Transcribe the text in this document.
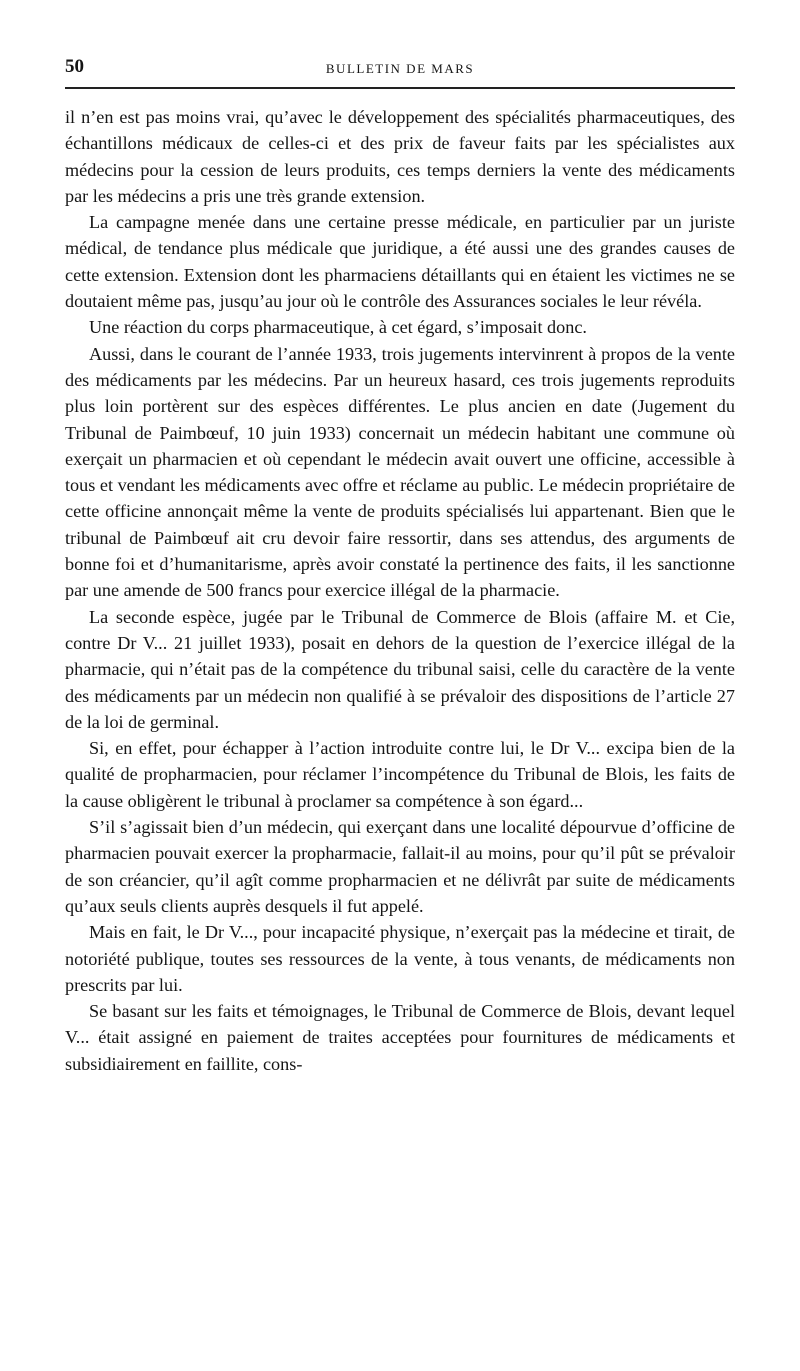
50	BULLETIN DE MARS

il n’en est pas moins vrai, qu’avec le développement des spécialités pharmaceutiques, des échantillons médicaux de celles-ci et des prix de faveur faits par les spécialistes aux médecins pour la cession de leurs produits, ces temps derniers la vente des médicaments par les médecins a pris une très grande extension.

La campagne menée dans une certaine presse médicale, en particulier par un juriste médical, de tendance plus médicale que juridique, a été aussi une des grandes causes de cette extension. Extension dont les pharmaciens détaillants qui en étaient les victimes ne se doutaient même pas, jusqu’au jour où le contrôle des Assurances sociales le leur révéla.

Une réaction du corps pharmaceutique, à cet égard, s’imposait donc.

Aussi, dans le courant de l’année 1933, trois jugements intervinrent à propos de la vente des médicaments par les médecins. Par un heureux hasard, ces trois jugements reproduits plus loin portèrent sur des espèces différentes. Le plus ancien en date (Jugement du Tribunal de Paimbœuf, 10 juin 1933) concernait un médecin habitant une commune où exerçait un pharmacien et où cependant le médecin avait ouvert une officine, accessible à tous et vendant les médicaments avec offre et réclame au public. Le médecin propriétaire de cette officine annonçait même la vente de produits spécialisés lui appartenant. Bien que le tribunal de Paimbœuf ait cru devoir faire ressortir, dans ses attendus, des arguments de bonne foi et d’humanitarisme, après avoir constaté la pertinence des faits, il les sanctionne par une amende de 500 francs pour exercice illégal de la pharmacie.

La seconde espèce, jugée par le Tribunal de Commerce de Blois (affaire M. et Cie, contre Dr V... 21 juillet 1933), posait en dehors de la question de l’exercice illégal de la pharmacie, qui n’était pas de la compétence du tribunal saisi, celle du caractère de la vente des médicaments par un médecin non qualifié à se prévaloir des dispositions de l’article 27 de la loi de germinal.

Si, en effet, pour échapper à l’action introduite contre lui, le Dr V... excipa bien de la qualité de propharmacien, pour réclamer l’incompétence du Tribunal de Blois, les faits de la cause obligèrent le tribunal à proclamer sa compétence à son égard...

S’il s’agissait bien d’un médecin, qui exerçant dans une localité dépourvue d’officine de pharmacien pouvait exercer la propharmacie, fallait-il au moins, pour qu’il pût se prévaloir de son créancier, qu’il agît comme propharmacien et ne délivrât par suite de médicaments qu’aux seuls clients auprès desquels il fut appelé.

Mais en fait, le Dr V..., pour incapacité physique, n’exerçait pas la médecine et tirait, de notoriété publique, toutes ses ressources de la vente, à tous venants, de médicaments non prescrits par lui.

Se basant sur les faits et témoignages, le Tribunal de Commerce de Blois, devant lequel V... était assigné en paiement de traites acceptées pour fournitures de médicaments et subsidiairement en faillite, cons-
